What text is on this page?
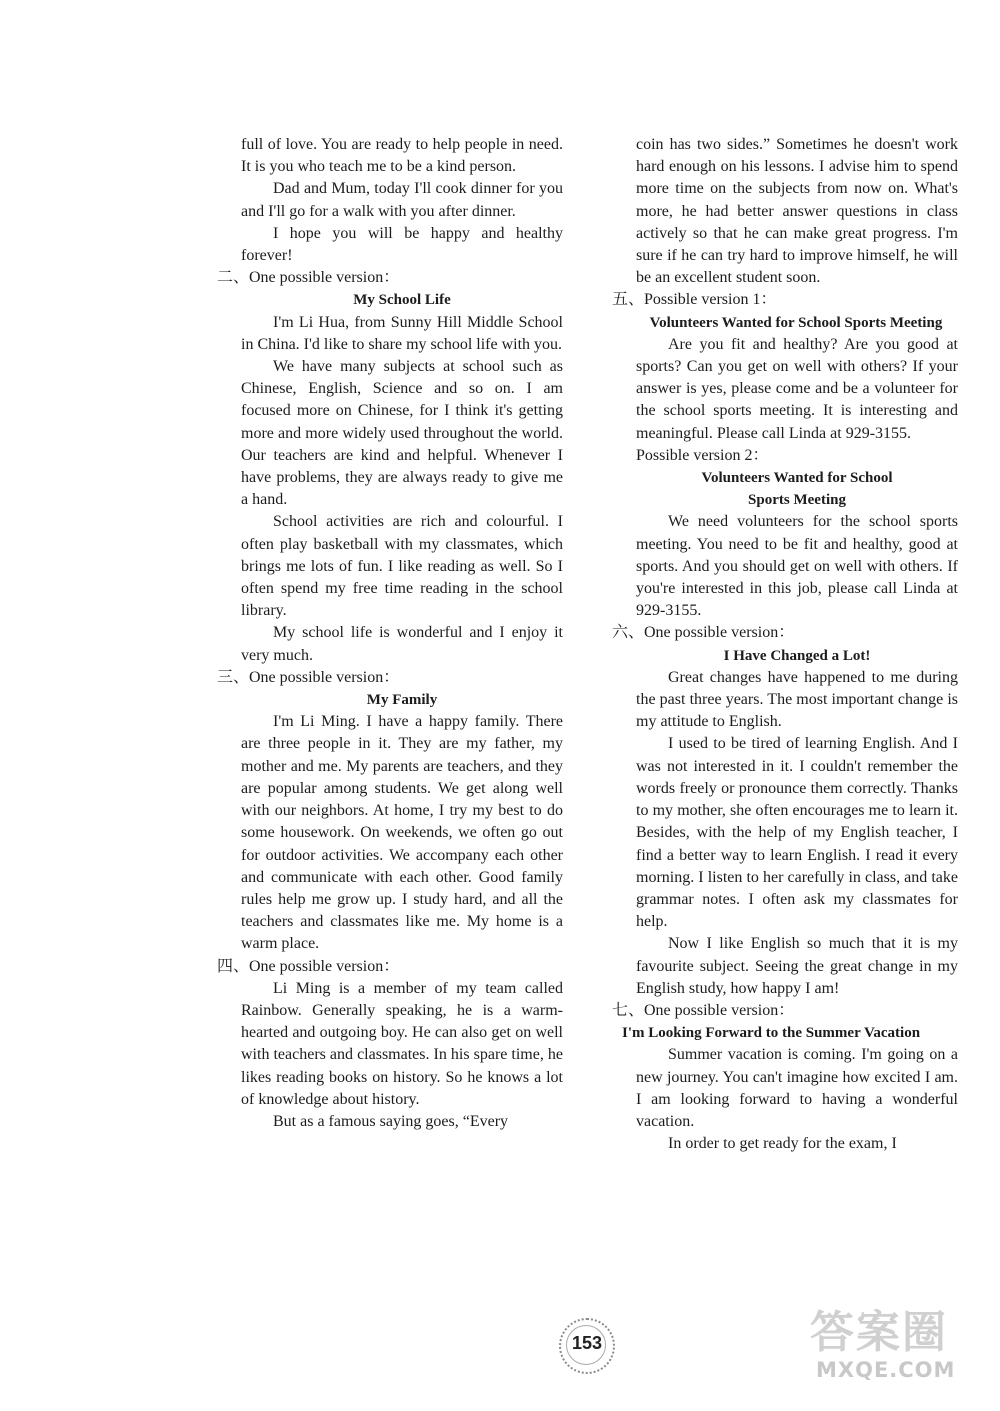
full of love. You are ready to help people in need. It is you who teach me to be a kind person.

Dad and Mum, today I'll cook dinner for you and I'll go for a walk with you after dinner.

I hope you will be happy and healthy forever!

二、One possible version：

My School Life

I'm Li Hua, from Sunny Hill Middle School in China. I'd like to share my school life with you.

We have many subjects at school such as Chinese, English, Science and so on. I am focused more on Chinese, for I think it's getting more and more widely used throughout the world. Our teachers are kind and helpful. Whenever I have problems, they are always ready to give me a hand.

School activities are rich and colourful. I often play basketball with my classmates, which brings me lots of fun. I like reading as well. So I often spend my free time reading in the school library.

My school life is wonderful and I enjoy it very much.

三、One possible version：

My Family

I'm Li Ming. I have a happy family. There are three people in it. They are my father, my mother and me. My parents are teachers, and they are popular among students. We get along well with our neighbors. At home, I try my best to do some housework. On weekends, we often go out for outdoor activities. We accompany each other and communicate with each other. Good family rules help me grow up. I study hard, and all the teachers and classmates like me. My home is a warm place.

四、One possible version：

Li Ming is a member of my team called Rainbow. Generally speaking, he is a warm-hearted and outgoing boy. He can also get on well with teachers and classmates. In his spare time, he likes reading books on history. So he knows a lot of knowledge about history.

But as a famous saying goes, “Every

coin has two sides.” Sometimes he doesn't work hard enough on his lessons. I advise him to spend more time on the subjects from now on. What's more, he had better answer questions in class actively so that he can make great progress. I'm sure if he can try hard to improve himself, he will be an excellent student soon.

五、Possible version 1：

Volunteers Wanted for School Sports Meeting

Are you fit and healthy? Are you good at sports? Can you get on well with others? If your answer is yes, please come and be a volunteer for the school sports meeting. It is interesting and meaningful. Please call Linda at 929-3155.

Possible version 2：

Volunteers Wanted for School

Sports Meeting

We need volunteers for the school sports meeting. You need to be fit and healthy, good at sports. And you should get on well with others. If you're interested in this job, please call Linda at 929-3155.

六、One possible version：

I Have Changed a Lot!

Great changes have happened to me during the past three years. The most important change is my attitude to English.

I used to be tired of learning English. And I was not interested in it. I couldn't remember the words freely or pronounce them correctly. Thanks to my mother, she often encourages me to learn it. Besides, with the help of my English teacher, I find a better way to learn English. I read it every morning. I listen to her carefully in class, and take grammar notes. I often ask my classmates for help.

Now I like English so much that it is my favourite subject. Seeing the great change in my English study, how happy I am!

七、One possible version：

I'm Looking Forward to the Summer Vacation

Summer vacation is coming. I'm going on a new journey. You can't imagine how excited I am. I am looking forward to having a wonderful vacation.

In order to get ready for the exam, I

153	答案圈
MXQE.COM
